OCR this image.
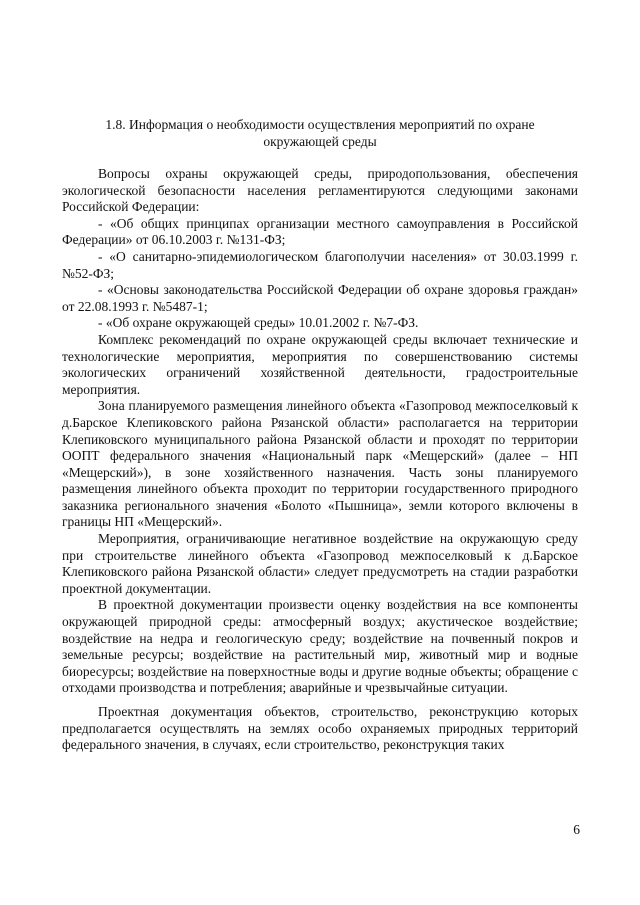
1.8. Информация о необходимости осуществления мероприятий по охране
окружающей среды

Вопросы охраны окружающей среды, природопользования, обеспечения экологической безопасности населения регламентируются следующими законами Российской Федерации:

- «Об общих принципах организации местного самоуправления в Российской Федерации» от 06.10.2003 г. №131-ФЗ;

- «О санитарно-эпидемиологическом благополучии населения» от 30.03.1999 г. №52-ФЗ;

- «Основы законодательства Российской Федерации об охране здоровья граждан» от 22.08.1993 г. №5487-1;

- «Об охране окружающей среды» 10.01.2002 г. №7-ФЗ.

Комплекс рекомендаций по охране окружающей среды включает технические и технологические мероприятия, мероприятия по совершенствованию системы экологических ограничений хозяйственной деятельности, градостроительные мероприятия.

Зона планируемого размещения линейного объекта «Газопровод межпоселковый к д.Барское Клепиковского района Рязанской области» располагается на территории Клепиковского муниципального района Рязанской области и проходят по территории ООПТ федерального значения «Национальный парк «Мещерский» (далее – НП «Мещерский»), в зоне хозяйственного назначения. Часть зоны планируемого размещения линейного объекта проходит по территории государственного природного заказника регионального значения «Болото «Пышница», земли которого включены в границы НП «Мещерский».

Мероприятия, ограничивающие негативное воздействие на окружающую среду при строительстве линейного объекта «Газопровод межпоселковый к д.Барское Клепиковского района Рязанской области» следует предусмотреть на стадии разработки проектной документации.

В проектной документации произвести оценку воздействия на все компоненты окружающей природной среды: атмосферный воздух; акустическое воздействие; воздействие на недра и геологическую среду; воздействие на почвенный покров и земельные ресурсы; воздействие на растительный мир, животный мир и водные биоресурсы; воздействие на поверхностные воды и другие водные объекты; обращение с отходами производства и потребления; аварийные и чрезвычайные ситуации.

Проектная документация объектов, строительство, реконструкцию которых предполагается осуществлять на землях особо охраняемых природных территорий федерального значения, в случаях, если строительство, реконструкция таких

6
